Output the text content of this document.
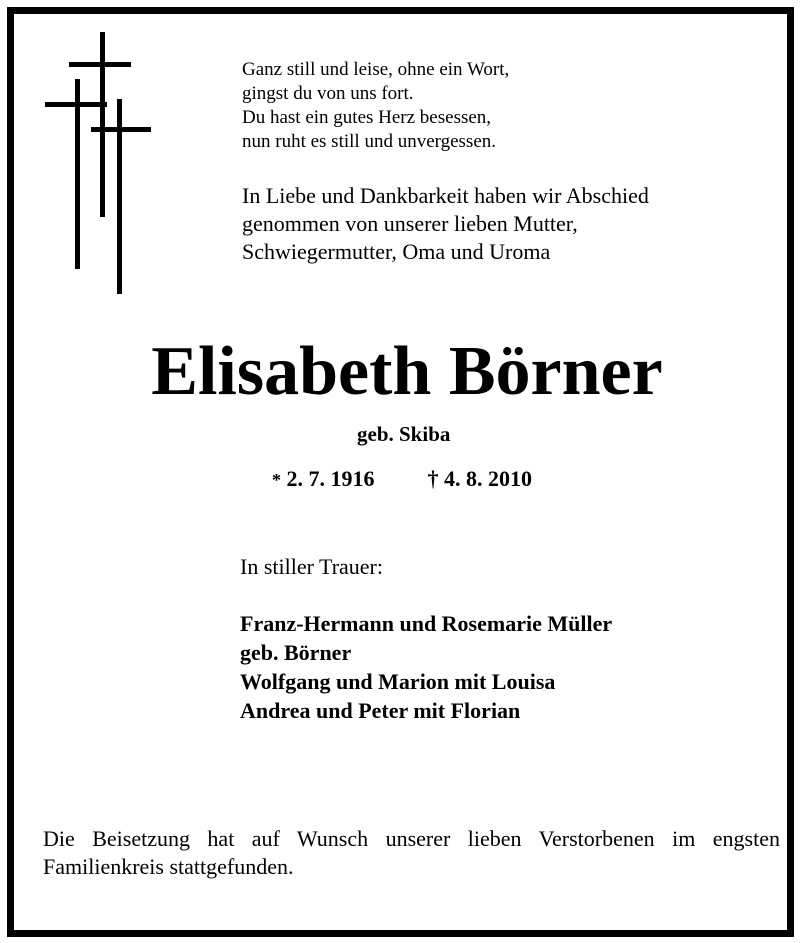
Ganz still und leise, ohne ein Wort,
gingst du von uns fort.
Du hast ein gutes Herz besessen,
nun ruht es still und unvergessen.
In Liebe und Dankbarkeit haben wir Abschied
genommen von unserer lieben Mutter,
Schwiegermutter, Oma und Uroma
Elisabeth Börner
geb. Skiba
* 2. 7. 1916 † 4. 8. 2010
In stiller Trauer:
Franz-Hermann und Rosemarie Müller
geb. Börner
Wolfgang und Marion mit Louisa
Andrea und Peter mit Florian
Die Beisetzung hat auf Wunsch unserer lieben Verstorbenen im engsten Familienkreis stattgefunden.
